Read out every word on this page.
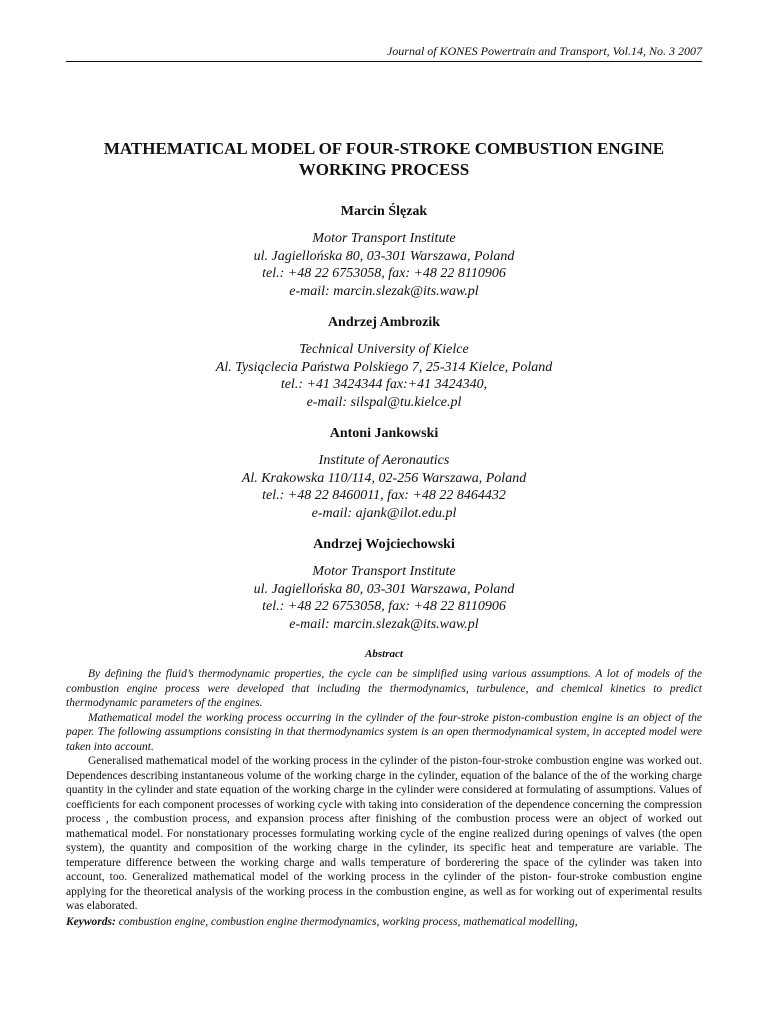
Journal of KONES Powertrain and Transport, Vol.14, No. 3 2007
MATHEMATICAL MODEL OF FOUR-STROKE COMBUSTION ENGINE
WORKING PROCESS
Marcin Ślęzak
Motor Transport Institute
ul. Jagiellońska 80, 03-301 Warszawa, Poland
tel.: +48 22 6753058, fax: +48 22 8110906
e-mail: marcin.slezak@its.waw.pl
Andrzej Ambrozik
Technical University of Kielce
Al. Tysiąclecia Państwa Polskiego 7, 25-314 Kielce, Poland
tel.: +41 3424344 fax:+41 3424340,
e-mail: silspal@tu.kielce.pl
Antoni Jankowski
Institute of Aeronautics
Al. Krakowska 110/114, 02-256 Warszawa, Poland
tel.: +48 22 8460011, fax: +48 22 8464432
e-mail: ajank@ilot.edu.pl
Andrzej Wojciechowski
Motor Transport Institute
ul. Jagiellońska 80, 03-301 Warszawa, Poland
tel.: +48 22 6753058, fax: +48 22 8110906
e-mail: marcin.slezak@its.waw.pl
Abstract

By defining the fluid’s thermodynamic properties, the cycle can be simplified using various assumptions. A lot of models of the combustion engine process were developed that including the thermodynamics, turbulence, and chemical kinetics to predict thermodynamic parameters of the engines.

Mathematical model the working process occurring in the cylinder of the four-stroke piston-combustion engine is an object of the paper. The following assumptions consisting in that thermodynamics system is an open thermodynamical system, in accepted model were taken into account.

Generalised mathematical model of the working process in the cylinder of the piston-four-stroke combustion engine was worked out. Dependences describing instantaneous volume of the working charge in the cylinder, equation of the balance of the of the working charge quantity in the cylinder and state equation of the working charge in the cylinder were considered at formulating of assumptions. Values of coefficients for each component processes of working cycle with taking into consideration of the dependence concerning the compression process , the combustion process, and expansion process after finishing of the combustion process were an object of worked out mathematical model. For nonstationary processes formulating working cycle of the engine realized during openings of valves (the open system), the quantity and composition of the working charge in the cylinder, its specific heat and temperature are variable. The temperature difference between the working charge and walls temperature of borderering the space of the cylinder was taken into account, too. Generalized mathematical model of the working process in the cylinder of the piston- four-stroke combustion engine applying for the theoretical analysis of the working process in the combustion engine, as well as for working out of experimental results was elaborated.

Keywords: combustion engine, combustion engine thermodynamics, working process, mathematical modelling,
